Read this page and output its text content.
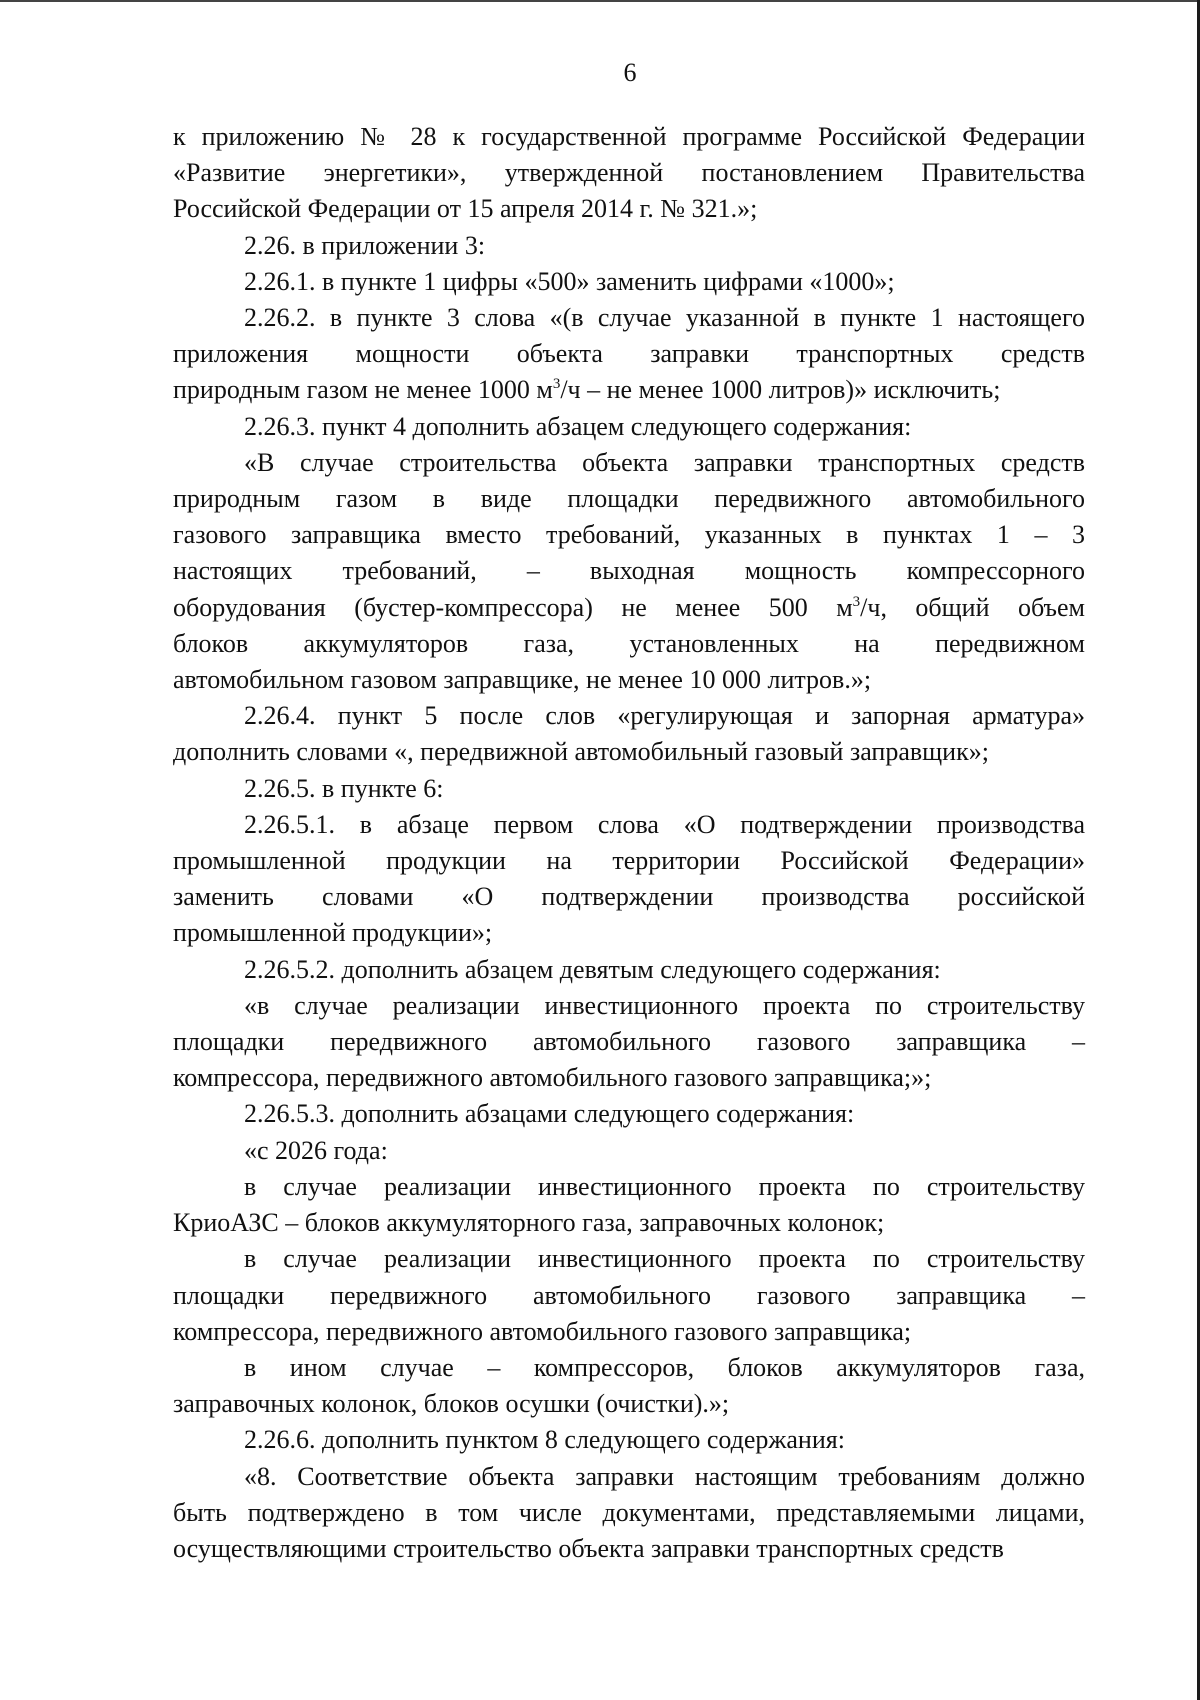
6
к приложению № 28 к государственной программе Российской Федерации
«Развитие энергетики», утвержденной постановлением Правительства
Российской Федерации от 15 апреля 2014 г. № 321.»;
2.26. в приложении 3:
2.26.1. в пункте 1 цифры «500» заменить цифрами «1000»;
2.26.2. в пункте 3 слова «(в случае указанной в пункте 1 настоящего
приложения мощности объекта заправки транспортных средств
природным газом не менее 1000 $м^3/ч$ – не менее 1000 литров)» исключить;
2.26.3. пункт 4 дополнить абзацем следующего содержания:
«В случае строительства объекта заправки транспортных средств
природным газом в виде площадки передвижного автомобильного
газового заправщика вместо требований, указанных в пунктах 1 – 3
настоящих требований, – выходная мощность компрессорного
оборудования (бустер-компрессора) не менее 500 $м^3/ч$, общий объем
блоков аккумуляторов газа, установленных на передвижном
автомобильном газовом заправщике, не менее 10 000 литров.»;
2.26.4. пункт 5 после слов «регулирующая и запорная арматура»
дополнить словами «, передвижной автомобильный газовый заправщик»;
2.26.5. в пункте 6:
2.26.5.1. в абзаце первом слова «О подтверждении производства
промышленной продукции на территории Российской Федерации»
заменить словами «О подтверждении производства российской
промышленной продукции»;
2.26.5.2. дополнить абзацем девятым следующего содержания:
«в случае реализации инвестиционного проекта по строительству
площадки передвижного автомобильного газового заправщика –
компрессора, передвижного автомобильного газового заправщика;»;
2.26.5.3. дополнить абзацами следующего содержания:
«с 2026 года:
в случае реализации инвестиционного проекта по строительству
КриоАЗС – блоков аккумуляторного газа, заправочных колонок;
в случае реализации инвестиционного проекта по строительству
площадки передвижного автомобильного газового заправщика –
компрессора, передвижного автомобильного газового заправщика;
в ином случае – компрессоров, блоков аккумуляторов газа,
заправочных колонок, блоков осушки (очистки).»;
2.26.6. дополнить пунктом 8 следующего содержания:
«8. Соответствие объекта заправки настоящим требованиям должно
быть подтверждено в том числе документами, представляемыми лицами,
осуществляющими строительство объекта заправки транспортных средств
